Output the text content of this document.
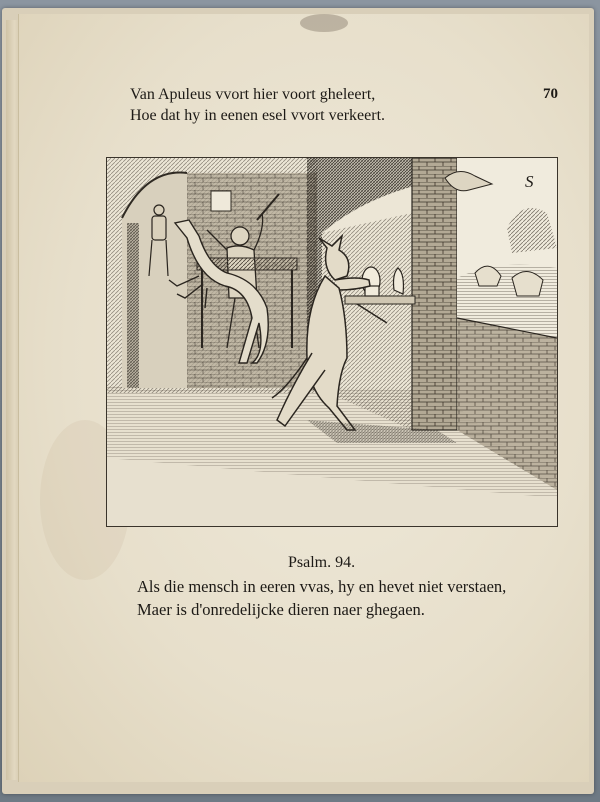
Van Apuleus vvort hier voort gheleert,
Hoe dat hy in eenen esel vvort verkeert.
70
S
Psalm. 94.
Als die mensch in eeren vvas, hy en hevet niet verstaen,
Maer is d'onredelijcke dieren naer ghegaen.
